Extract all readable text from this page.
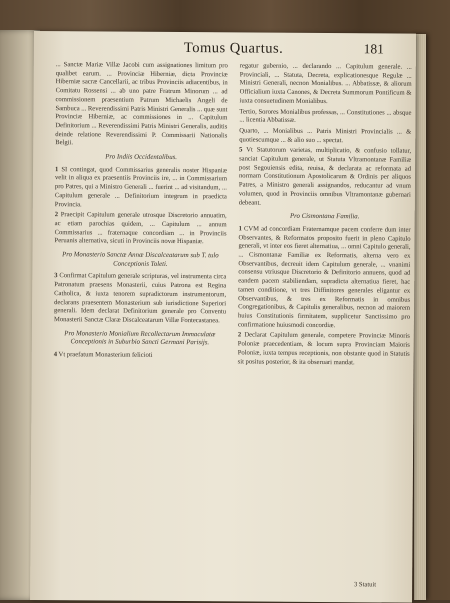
Tomus Quartus.	181

... Sanctæ Mariæ Villæ Jacobi cum assignationes limitum pro qualibet earum. ... Provinciæ Hiberniæ, dicta Provinciæ Hiberniæ sacræ Cancellarii, ac tribus Provinciis adiacentibus, in Comitatu Rossensi ... ab uno patre Fratrum Minorum ... ad commissionem praesentium Patrum Michaelis Angeli de Sambuca ... Reverendissimi Patris Ministri Generalis ... quæ sunt Provinciæ Hiberniæ, ac commissiones in ... Capitulum Definitorium ... Reverendissimi Patris Ministri Generalis, auditis deinde relatione Reverendissimi P. Commissarii Nationalis Belgii.

Pro Indiis Occidentalibus.

1 SI contingat, quod Commissarius generalis noster Hispaniæ velit in aliqua ex praesentiis Provinciis ire, ... in Commissarium pro Patres, qui a Ministro Generali ... fuerint ... ad visitandum, ... Capitulum generale ... Definitorium integrum in praedicta Provincia.

2 Praecipit Capitulum generale utrosque Discretorio annuatim, ac etiam parochias quidem, ... Capitulum ... annum Commissarius ... fraternaque concordiam ... in Provinciis Peruanis alternativa, sicuti in Provinciis novæ Hispaniæ.

Pro Monasterio Sanctæ Annæ Discalceatarum sub T. tulo Conceptionis Toleti.

3 Confirmat Capitulum generale scripturas, vel instrumenta circa Patronatum praesens Monasterii, cuius Patrona est Regina Catholica, & iuxta tenorem supradictorum instrumentorum, declarans praesentem Monasterium sub iurisdictione Superiori generali. Idem declarat Definitorium generale pro Conventu Monasterii Sanctæ Claræ Discalceatarum Villæ Fontecastanea.

Pro Monasterio Monialium Recollectarum Immaculatæ Conceptionis in Suburbio Sancti Germani Parisijs.

4 Vt praefatum Monasterium felicioti

regatur gubernio, ... declarando ... Capitulum generale. ... Provinciali, ... Statuta, Decreta, explicationesque Regulæ ... Ministri Generali, necnon Monialibus. ... Abbatissæ, & aliorum Officialium iuxta Canones, & Decreta Summorum Pontificum & iuxta consuetudinem Monialibus.

Tertio, Sorores Monialibus professas, ... Constitutiones ... absque ... licentia Abbatissæ.

Quarto, ... Monialibus ... Patris Ministri Provincialis ... & quotiescumque ... & alio suo ... spectat.

5 Vt Statutorum varietas, multiplicatio, & confusio tollatur, sanciat Capitulum generale, ut Statuta Vltramontanæ Familiæ post Segouiensis edita, reuisa, & declarata ac reformata ad normam Constitutionum Apostolicarum & Ordinis per aliquos Patres, a Ministro generali assignandos, reducantur ad vnum volumen, quod in Provinciis omnibus Vltramontanæ gubernari debeant.

Pro Cismontana Familia.

1 CVM ad concordiam Fraternamque pacem conferre dum inter Observantes, & Reformatos proposito fuerit in pleno Capitulo generali, vt inter eos fieret alternatiua, ... omni Capitulo generali, ... Cismontanæ Familiæ ex Reformatis, alterna vero ex Observantibus, decreuit idem Capitulum generale, ... vnanimi consensu vtriusque Discretorio & Definitorio annuens, quod ad eandem pacem stabiliendam, supradicta alternatiua fieret, hac tamen conditione, vt tres Diffinitores generales eligantur ex Observantibus, & tres ex Reformatis in omnibus Congregationibus, & Capitulis generalibus, necnon ad maiorem huius Constitutionis firmitatem, supplicetur Sanctissimo pro confirmatione huiusmodi concordiæ.

2 Declarat Capitulum generale, competere Provinciæ Minoris Poloniæ praecedentiam, & locum supra Provinciam Maioris Poloniæ, iuxta tempus receptionis, non obstante quod in Statutis sit positus posterior, & ita obseruari mandat.

3 Statuit
